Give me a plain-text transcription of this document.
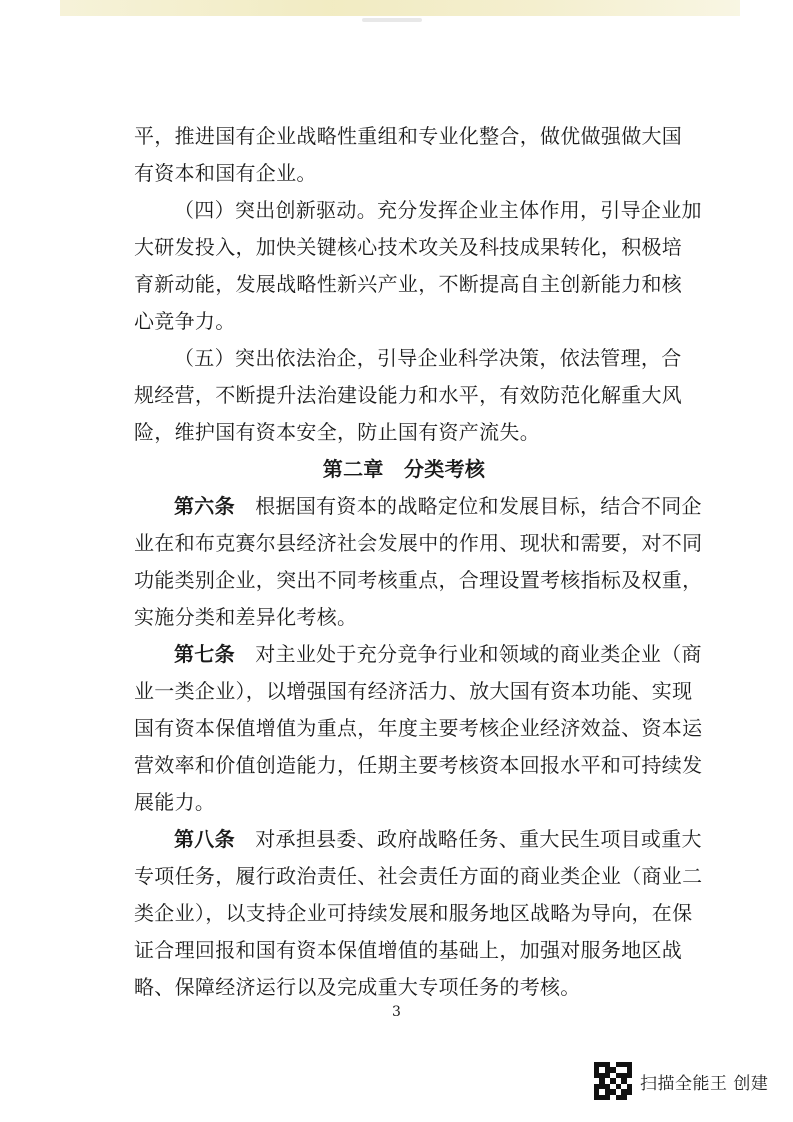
平，推进国有企业战略性重组和专业化整合，做优做强做大国
有资本和国有企业。
（四）突出创新驱动。充分发挥企业主体作用，引导企业加
大研发投入，加快关键核心技术攻关及科技成果转化，积极培
育新动能，发展战略性新兴产业，不断提高自主创新能力和核
心竞争力。
（五）突出依法治企，引导企业科学决策，依法管理，合
规经营，不断提升法治建设能力和水平，有效防范化解重大风
险，维护国有资本安全，防止国有资产流失。
第二章　分类考核
第六条　 根据国有资本的战略定位和发展目标，结合不同企
业在和布克赛尔县经济社会发展中的作用、现状和需要，对不同
功能类别企业，突出不同考核重点，合理设置考核指标及权重，
实施分类和差异化考核。
第七条　 对主业处于充分竞争行业和领域的商业类企业（商
业一类企业），以增强国有经济活力、放大国有资本功能、实现
国有资本保值增值为重点，年度主要考核企业经济效益、资本运
营效率和价值创造能力，任期主要考核资本回报水平和可持续发
展能力。
第八条　 对承担县委、政府战略任务、重大民生项目或重大
专项任务，履行政治责任、社会责任方面的商业类企业（商业二
类企业），以支持企业可持续发展和服务地区战略为导向，在保
证合理回报和国有资本保值增值的基础上，加强对服务地区战
略、保障经济运行以及完成重大专项任务的考核。
3
扫描全能王 创建
